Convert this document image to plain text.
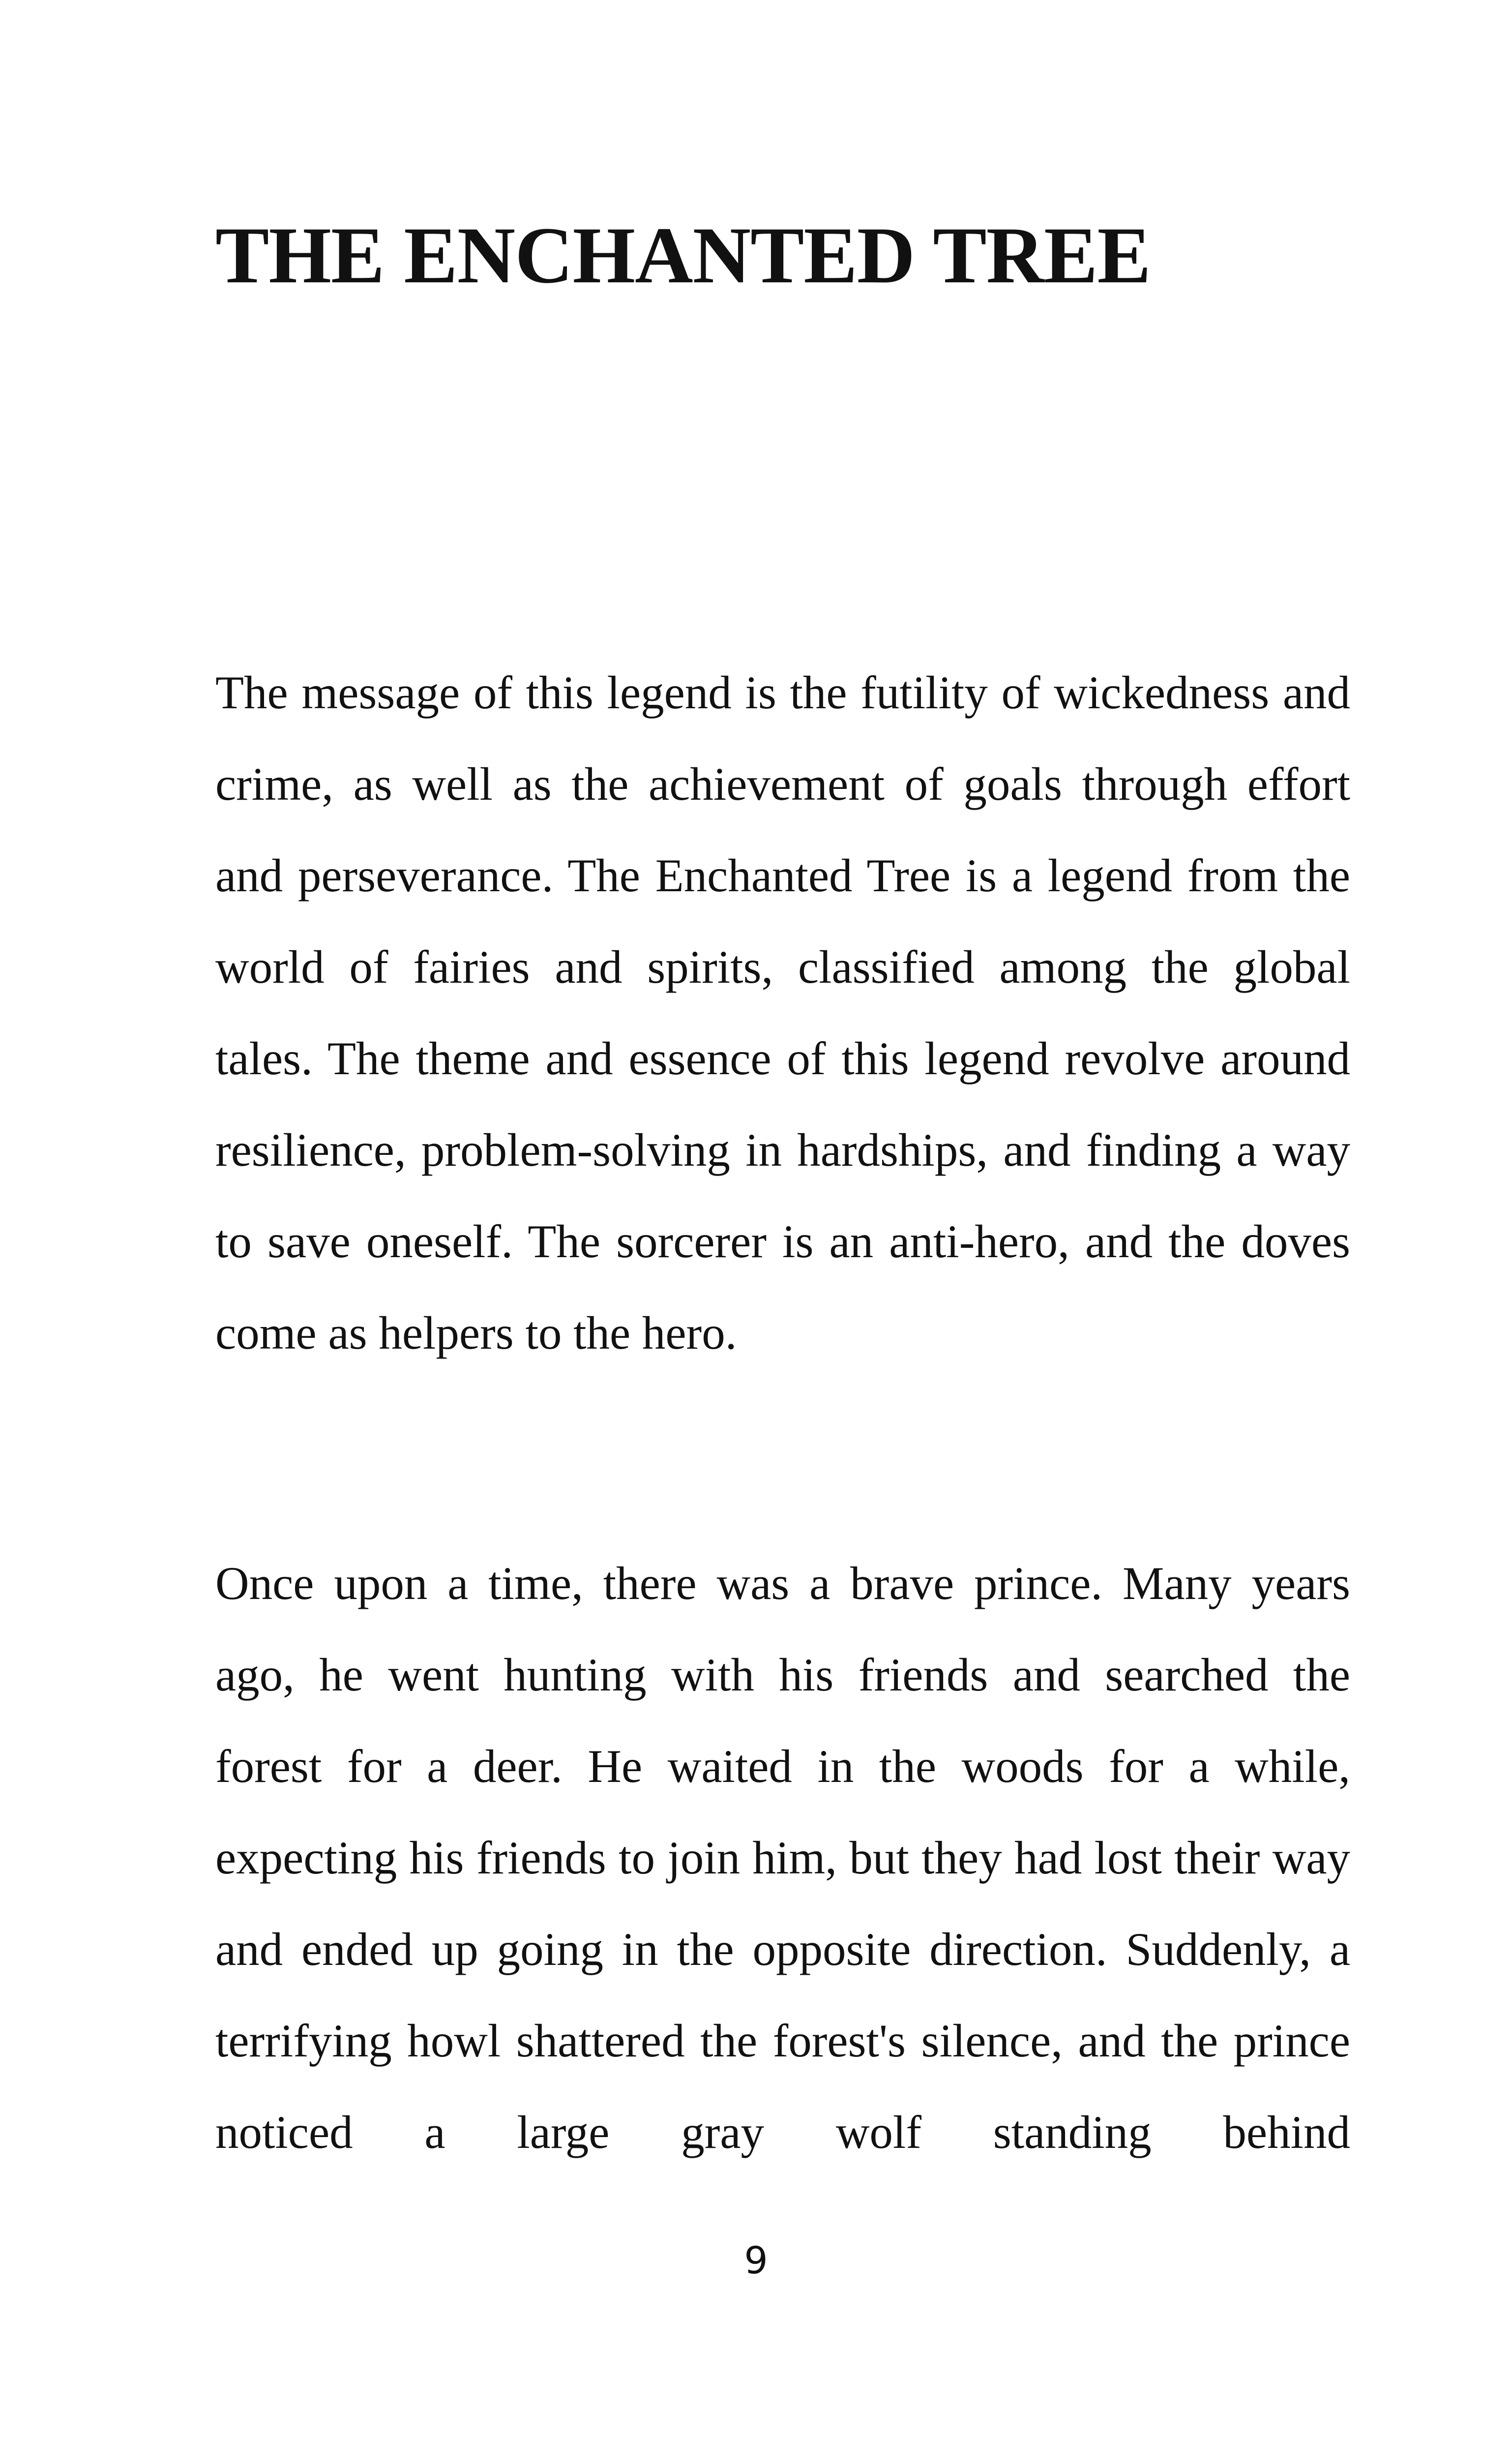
THE ENCHANTED TREE

The message of this legend is the futility of wickedness and crime, as well as the achievement of goals through effort and perseverance. The Enchanted Tree is a legend from the world of fairies and spirits, classified among the global tales. The theme and essence of this legend revolve around resilience, problem-solving in hardships, and finding a way to save oneself. The sorcerer is an anti-hero, and the doves come as helpers to the hero.

Once upon a time, there was a brave prince. Many years ago, he went hunting with his friends and searched the forest for a deer. He waited in the woods for a while, expecting his friends to join him, but they had lost their way and ended up going in the opposite direction. Suddenly, a terrifying howl shattered the forest's silence, and the prince noticed a large gray wolf standing behind

9
